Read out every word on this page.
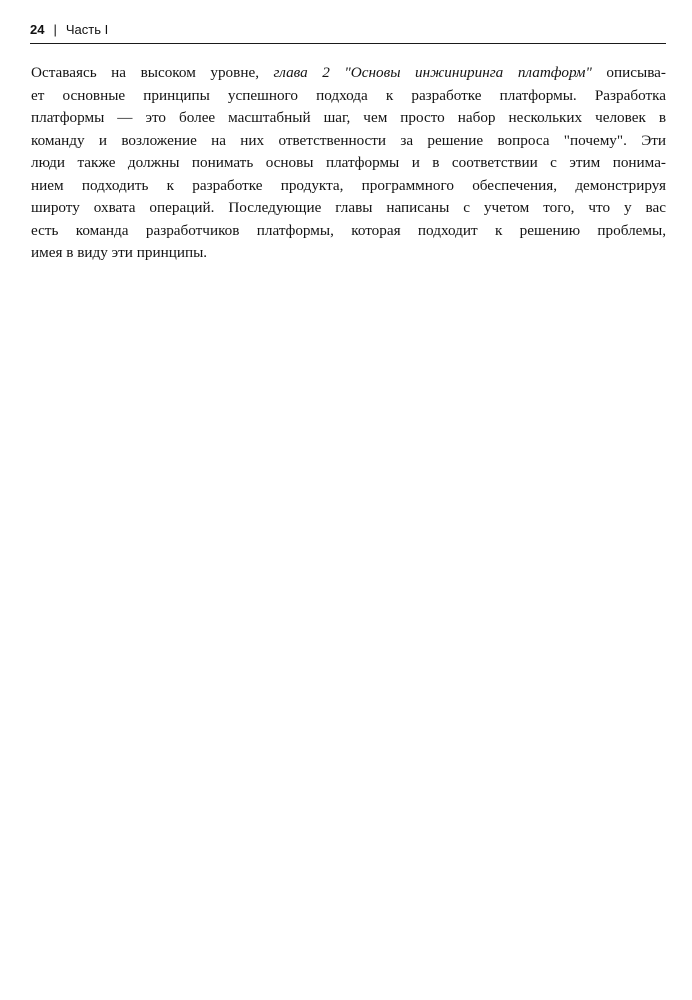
24 | Часть I

Оставаясь на высоком уровне, глава 2 "Основы инжиниринга платформ" описыва-
ет основные принципы успешного подхода к разработке платформы. Разработка
платформы — это более масштабный шаг, чем просто набор нескольких человек в
команду и возложение на них ответственности за решение вопроса "почему". Эти
люди также должны понимать основы платформы и в соответствии с этим понима-
нием подходить к разработке продукта, программного обеспечения, демонстрируя
широту охвата операций. Последующие главы написаны с учетом того, что у вас
есть команда разработчиков платформы, которая подходит к решению проблемы,
имея в виду эти принципы.
